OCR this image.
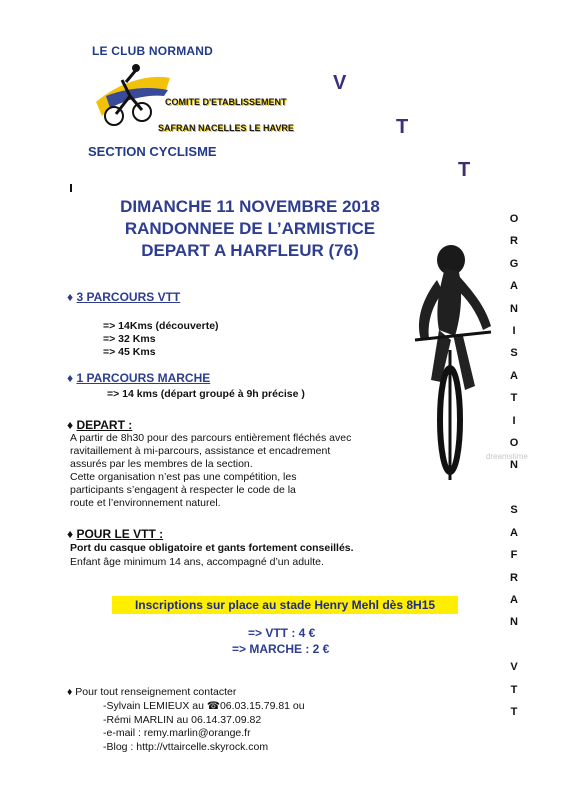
LE CLUB NORMAND
COMITE D'ETABLISSEMENT
SAFRAN NACELLES LE HAVRE
SECTION CYCLISME
V
T
T
DIMANCHE 11 NOVEMBRE 2018
RANDONNEE DE L’ARMISTICE
DEPART A HARFLEUR (76)
♦ 3 PARCOURS VTT
=> 14Kms (découverte)
=> 32 Kms
=> 45 Kms
♦ 1 PARCOURS MARCHE
=> 14 kms (départ groupé à 9h précise )
♦ DEPART :
A partir de 8h30 pour des parcours entièrement fléchés avec
ravitaillement à mi-parcours, assistance et encadrement
assurés par les membres de la section.
Cette organisation n’est pas une compétition, les
participants s’engagent à respecter le code de la
route et l’environnement naturel.
♦ POUR LE VTT :
Port du casque obligatoire et gants fortement conseillés.
Enfant âge minimum 14 ans, accompagné d’un adulte.
dreamstime
O
R
G
A
N
I
S
A
T
I
O
N

S
A
F
R
A
N

V
T
T
Inscriptions sur place au stade Henry Mehl dès 8H15
=> VTT : 4 €
=> MARCHE : 2 €
♦ Pour tout renseignement contacter
-Sylvain LEMIEUX au ☎06.03.15.79.81 ou
-Rémi MARLIN au 06.14.37.09.82
-e-mail : remy.marlin@orange.fr
-Blog : http://vttaircelle.skyrock.com
